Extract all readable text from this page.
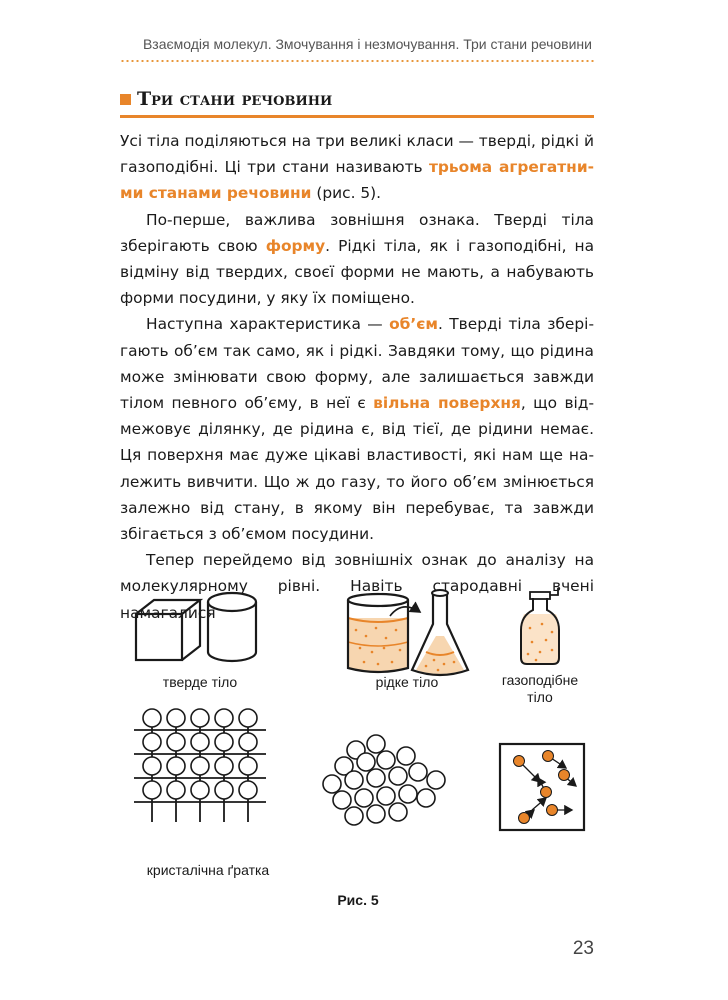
Взаємодія молекул. Змочування і незмочування. Три стани речовини
Три стани речовини

Усі тіла поділяються на три великі класи — тверді, рідкі й газоподібні. Ці три стани називають трьома агрегатними станами речовини (рис. 5).

По-перше, важлива зовнішня ознака. Тверді тіла зберігають свою форму. Рідкі тіла, як і газоподібні, на відміну від твердих, своєї форми не мають, а набувають форми посудини, у яку їх поміщено.

Наступна характеристика — об’єм. Тверді тіла зберігають об’єм так само, як і рідкі. Завдяки тому, що рідина може змінювати свою форму, але залишається завжди тілом певного об’єму, в неї є вільна поверхня, що відмежовує ділянку, де рідина є, від тієї, де рідини немає. Ця поверхня має дуже цікаві властивості, які нам ще належить вивчити. Що ж до газу, то його об’єм змінюється залежно від стану, в якому він перебуває, та завжди збігається з об’ємом посудини.

Тепер перейдемо від зовнішніх ознак до аналізу на молекулярному рівні. Навіть стародавні вчені намагалися

тверде тіло	рідке тіло	газоподібне
тіло
кристалічна ґратка
Рис. 5
23
